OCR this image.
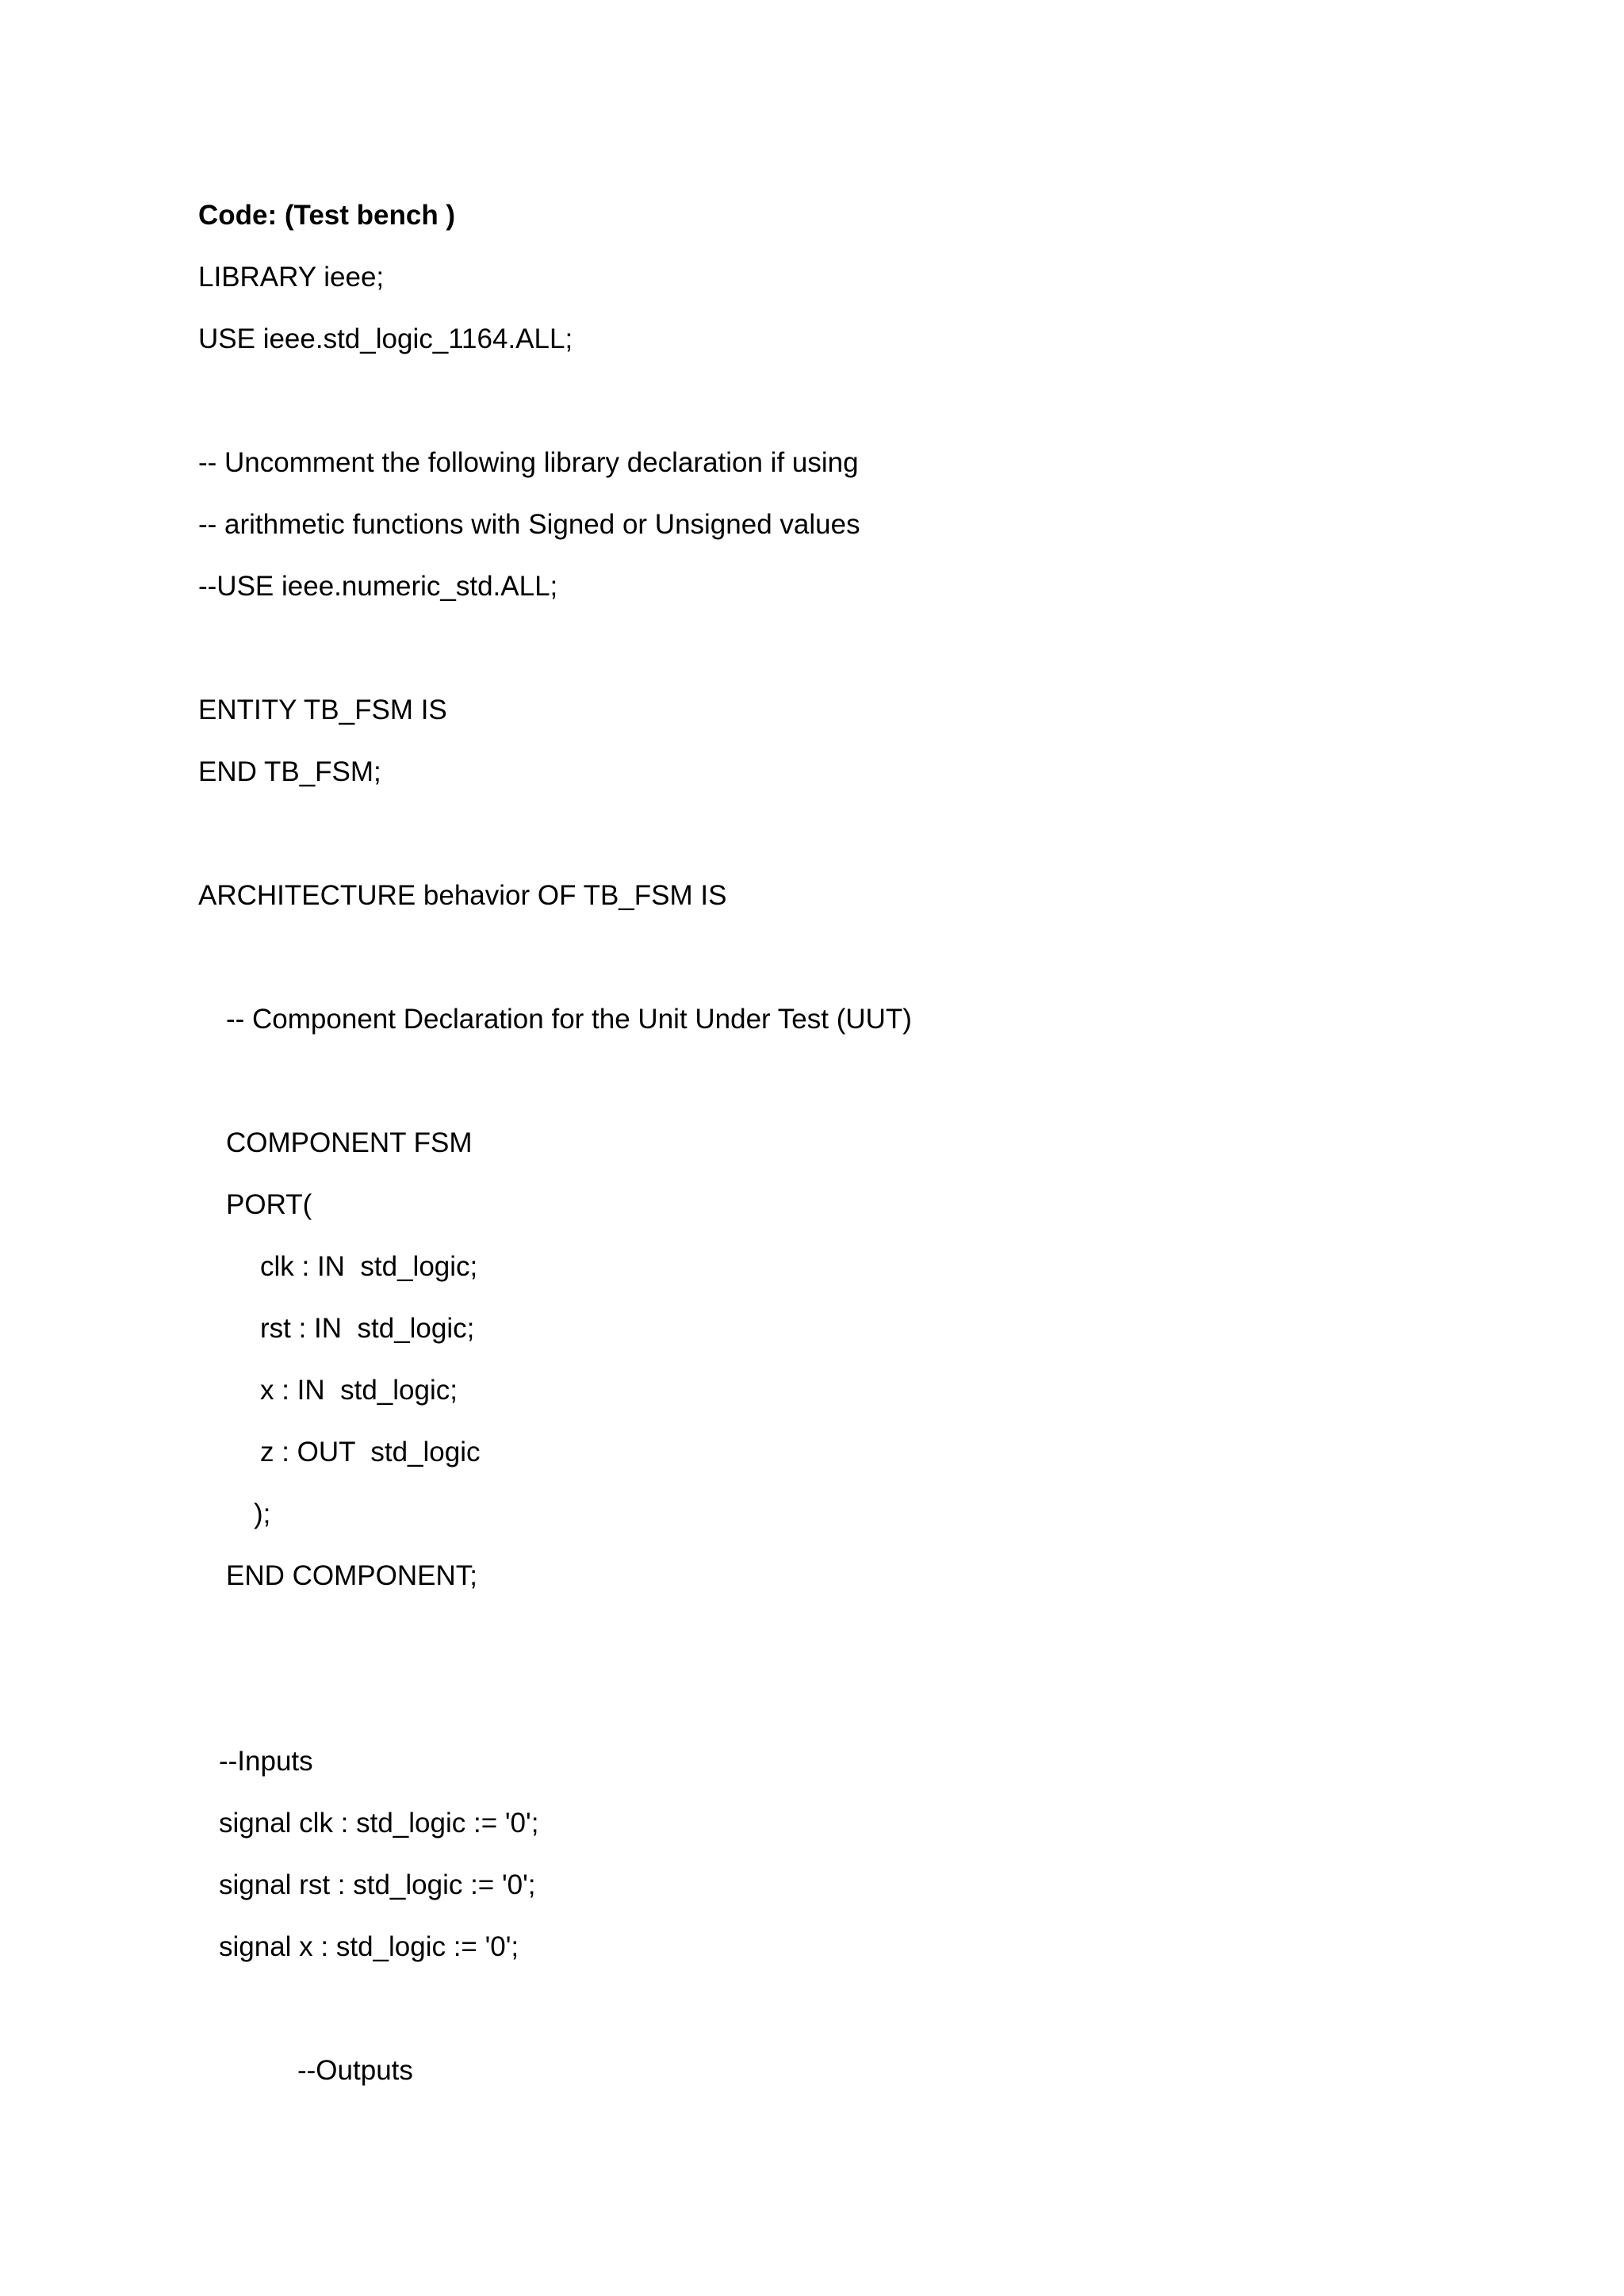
Code: (Test bench )
LIBRARY ieee;
USE ieee.std_logic_1164.ALL;
-- Uncomment the following library declaration if using
-- arithmetic functions with Signed or Unsigned values
--USE ieee.numeric_std.ALL;
ENTITY TB_FSM IS
END TB_FSM;
ARCHITECTURE behavior OF TB_FSM IS
-- Component Declaration for the Unit Under Test (UUT)
COMPONENT FSM
PORT(
clk : IN  std_logic;
rst : IN  std_logic;
x : IN  std_logic;
z : OUT  std_logic
);
END COMPONENT;
--Inputs
signal clk : std_logic := '0';
signal rst : std_logic := '0';
signal x : std_logic := '0';
--Outputs
